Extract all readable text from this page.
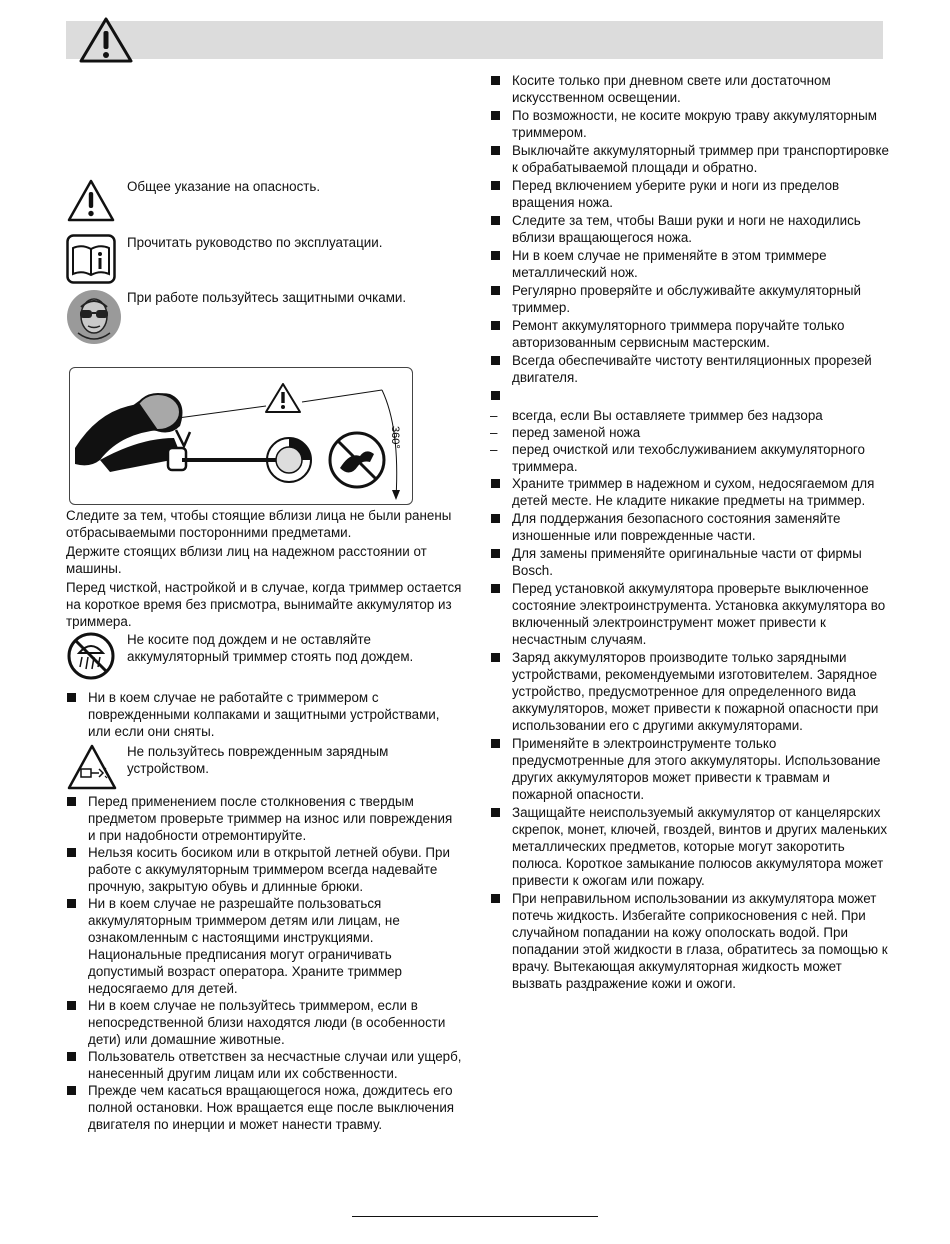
Общее указание на опасность.
Прочитать руководство по эксплуатации.
При работе пользуйтесь защитными очками.
360°

Следите за тем, чтобы стоящие вблизи лица не были ранены отбрасываемыми посторонними предметами.

Держите стоящих вблизи лиц на надежном расстоянии от машины.

Перед чисткой, настройкой и в случае, когда триммер остается на короткое время без присмотра, вынимайте аккумулятор из триммера.

Не косите под дождем и не оставляйте аккумуляторный триммер стоять под дождем.

Ни в коем случае не работайте с триммером с поврежденными колпаками и защитными устройствами, или если они сняты.

Не пользуйтесь поврежденным зарядным устройством.

Перед применением после столкновения с твердым предметом проверьте триммер на износ или повреждения и при надобности отремонтируйте.

Нельзя косить босиком или в открытой летней обуви. При работе с аккумуляторным триммером всегда надевайте прочную, закрытую обувь и длинные брюки.

Ни в коем случае не разрешайте пользоваться аккумуляторным триммером детям или лицам, не ознакомленным с настоящими инструкциями. Национальные предписания могут ограничивать допустимый возраст оператора. Храните триммер недосягаемо для детей.

Ни в коем случае не пользуйтесь триммером, если в непосредственной близи находятся люди (в особенности дети) или домашние животные.

Пользователь ответствен за несчастные случаи или ущерб, нанесенный другим лицам или их собственности.

Прежде чем касаться вращающегося ножа, дождитесь его полной остановки. Нож вращается еще после выключения двигателя по инерции и может нанести травму.

Косите только при дневном свете или достаточном искусственном освещении.

По возможности, не косите мокрую траву аккумуляторным триммером.

Выключайте аккумуляторный триммер при транспортировке к обрабатываемой площади и обратно.

Перед включением уберите руки и ноги из пределов вращения ножа.

Следите за тем, чтобы Ваши руки и ноги не находились вблизи вращающегося ножа.

Ни в коем случае не применяйте в этом триммере металлический нож.

Регулярно проверяйте и обслуживайте аккумуляторный триммер.

Ремонт аккумуляторного триммера поручайте только авторизованным сервисным мастерским.

Всегда обеспечивайте чистоту вентиляционных прорезей двигателя.

– всегда, если Вы оставляете триммер без надзора

– перед заменой ножа

– перед очисткой или техобслуживанием аккумуляторного триммера.

Храните триммер в надежном и сухом, недосягаемом для детей месте. Не кладите никакие предметы на триммер.

Для поддержания безопасного состояния заменяйте изношенные или поврежденные части.

Для замены применяйте оригинальные части от фирмы Bosch.

Перед установкой аккумулятора проверьте выключенное состояние электроинструмента. Установка аккумулятора во включенный электроинструмент может привести к несчастным случаям.

Заряд аккумуляторов производите только зарядными устройствами, рекомендуемыми изготовителем. Зарядное устройство, предусмотренное для определенного вида аккумуляторов, может привести к пожарной опасности при использовании его с другими аккумуляторами.

Применяйте в электроинструменте только предусмотренные для этого аккумуляторы. Использование других аккумуляторов может привести к травмам и пожарной опасности.

Защищайте неиспользуемый аккумулятор от канцелярских скрепок, монет, ключей, гвоздей, винтов и других маленьких металлических предметов, которые могут закоротить полюса. Короткое замыкание полюсов аккумулятора может привести к ожогам или пожару.

При неправильном использовании из аккумулятора может потечь жидкость. Избегайте соприкосновения с ней. При случайном попадании на кожу ополоскать водой. При попадании этой жидкости в глаза, обратитесь за помощью к врачу. Вытекающая аккумуляторная жидкость может вызвать раздражение кожи и ожоги.
